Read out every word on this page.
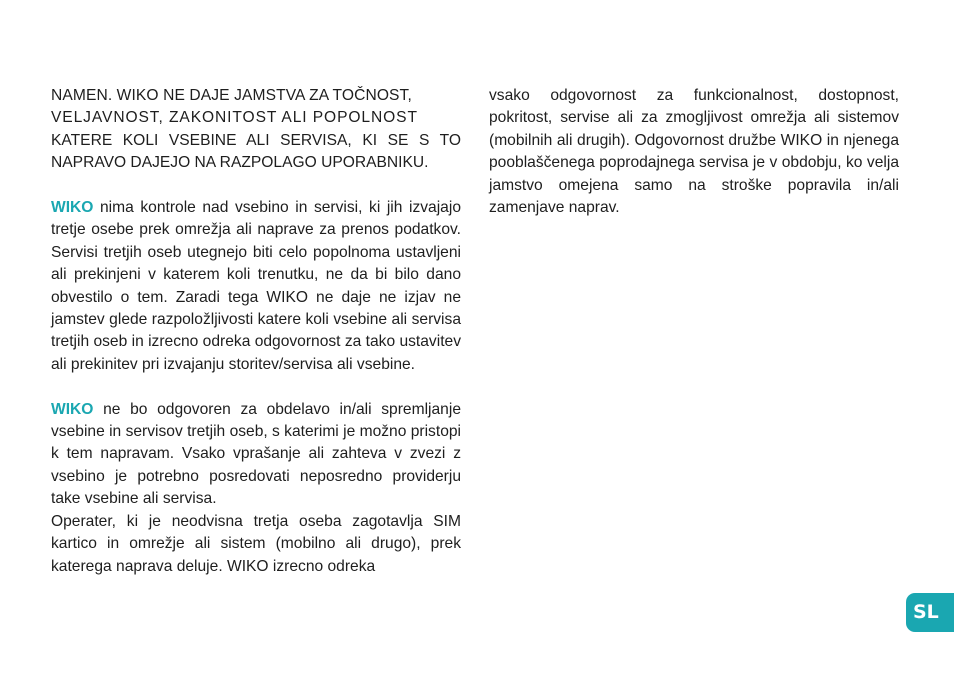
NAMEN. WIKO NE DAJE JAMSTVA ZA TOČNOST,
VELJAVNOST, ZAKONITOST ALI POPOLNOST
KATERE KOLI VSEBINE ALI SERVISA, KI SE S TO NAPRAVO DAJEJO NA RAZPOLAGO UPORABNIKU.

WIKO nima kontrole nad vsebino in servisi, ki jih izvajajo tretje osebe prek omrežja ali naprave za prenos podatkov. Servisi tretjih oseb utegnejo biti celo popolnoma ustavljeni ali prekinjeni v katerem koli trenutku, ne da bi bilo dano obvestilo o tem. Zaradi tega WIKO ne daje ne izjav ne jamstev glede razpoložljivosti katere koli vsebine ali servisa tretjih oseb in izrecno odreka odgovornost za tako ustavitev ali prekinitev pri izvajanju storitev/servisa ali vsebine.

WIKO ne bo odgovoren za obdelavo in/ali spremljanje vsebine in servisov tretjih oseb, s katerimi je možno pristopi k tem napravam. Vsako vprašanje ali zahteva v zvezi z vsebino je potrebno posredovati neposredno providerju take vsebine ali servisa.

Operater, ki je neodvisna tretja oseba zagotavlja SIM kartico in omrežje ali sistem (mobilno ali drugo), prek katerega naprava deluje. WIKO izrecno odreka

vsako odgovornost za funkcionalnost, dostopnost, pokritost, servise ali za zmogljivost omrežja ali sistemov (mobilnih ali drugih). Odgovornost družbe WIKO in njenega pooblaščenega poprodajnega servisa je v obdobju, ko velja jamstvo omejena samo na stroške popravila in/ali zamenjave naprav.

SL
